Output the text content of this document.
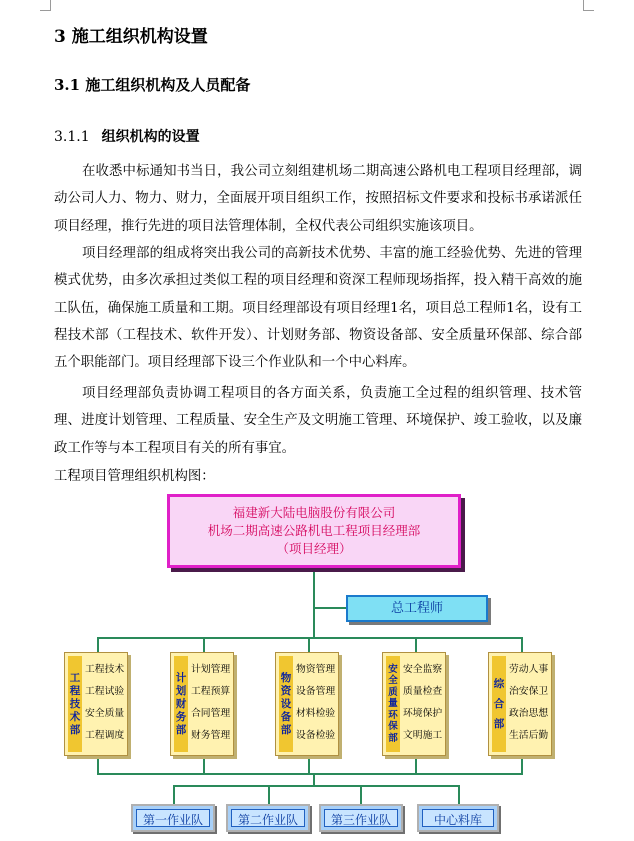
3 施工组织机构设置
3.1 施工组织机构及人员配备
3.1.1 组织机构的设置
在收悉中标通知书当日，我公司立刻组建机场二期高速公路机电工程项目经理部，调动公司人力、物力、财力，全面展开项目组织工作，按照招标文件要求和投标书承诺派任项目经理，推行先进的项目法管理体制，全权代表公司组织实施该项目。
项目经理部的组成将突出我公司的高新技术优势、丰富的施工经验优势、先进的管理模式优势，由多次承担过类似工程的项目经理和资深工程师现场指挥，投入精干高效的施工队伍，确保施工质量和工期。项目经理部设有项目经理1名，项目总工程师1名，设有工程技术部（工程技术、软件开发）、计划财务部、物资设备部、安全质量环保部、综合部五个职能部门。项目经理部下设三个作业队和一个中心料库。
项目经理部负责协调工程项目的各方面关系，负责施工全过程的组织管理、技术管理、进度计划管理、工程质量、安全生产及文明施工管理、环境保护、竣工验收，以及廉政工作等与本工程项目有关的所有事宜。
工程项目管理组织机构图：
福建新大陆电脑股份有限公司
机场二期高速公路机电工程项目经理部
（项目经理）
总工程师
工程技术部
工程技术
工程试验
安全质量
工程调度
计划财务部
计划管理
工程预算
合同管理
财务管理
物资设备部
物资管理
设备管理
材料检验
设备检验
安全质量环保部
安全监察
质量检查
环境保护
文明施工
综合部
劳动人事
治安保卫
政治思想
生活后勤
第一作业队	第二作业队	第三作业队	中心料库
